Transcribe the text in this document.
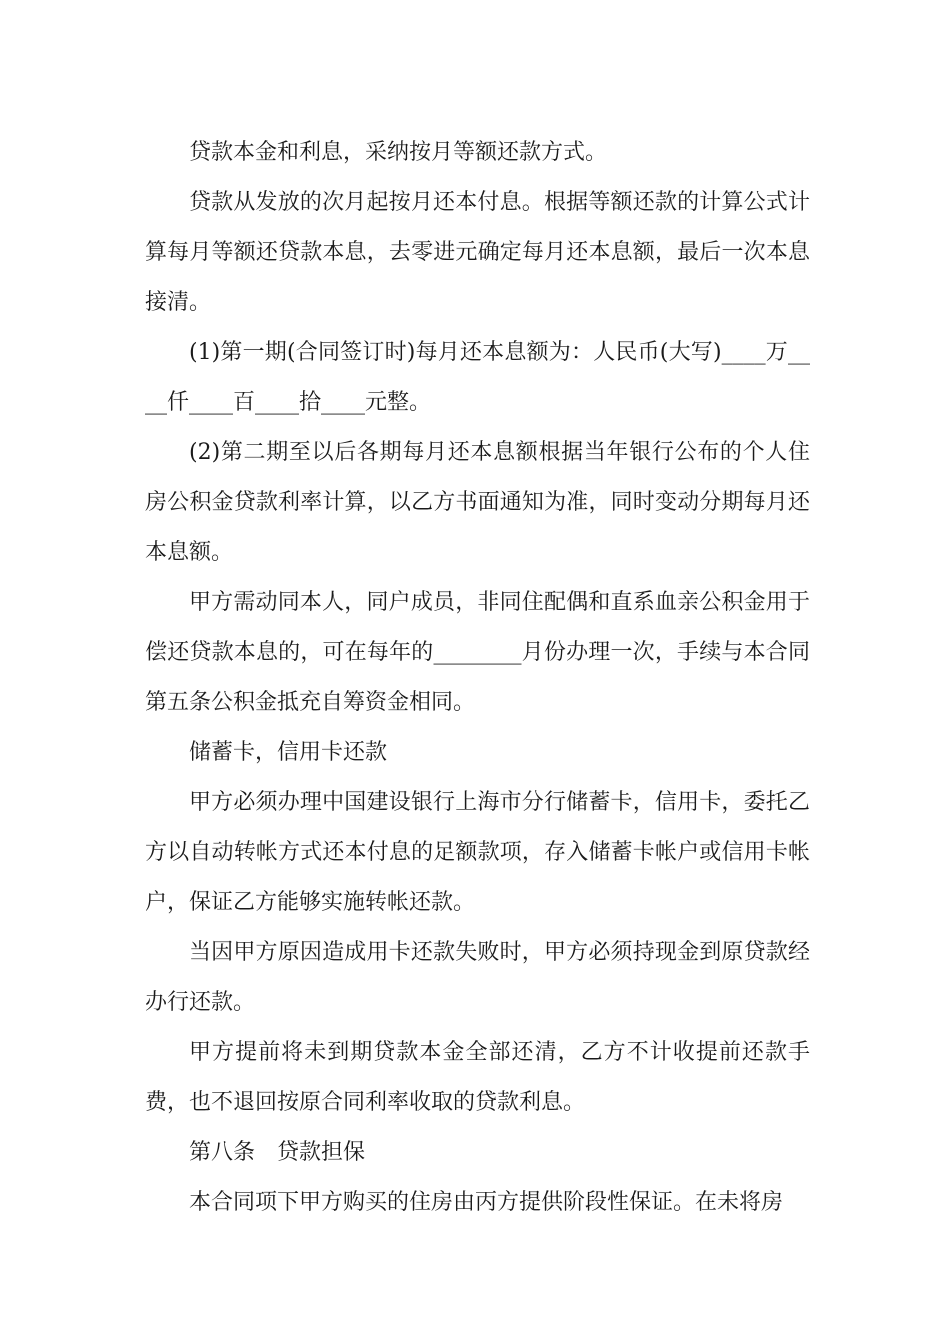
贷款本金和利息，采纳按月等额还款方式。

贷款从发放的次月起按月还本付息。根据等额还款的计算公式计算每月等额还贷款本息，去零进元确定每月还本息额，最后一次本息接清。

(1)第一期(合同签订时)每月还本息额为：人民币(大写)____万____仟____百____拾____元整。

(2)第二期至以后各期每月还本息额根据当年银行公布的个人住房公积金贷款利率计算，以乙方书面通知为准，同时变动分期每月还本息额。

甲方需动同本人，同户成员，非同住配偶和直系血亲公积金用于偿还贷款本息的，可在每年的________月份办理一次，手续与本合同第五条公积金抵充自筹资金相同。

储蓄卡，信用卡还款

甲方必须办理中国建设银行上海市分行储蓄卡，信用卡，委托乙方以自动转帐方式还本付息的足额款项，存入储蓄卡帐户或信用卡帐户，保证乙方能够实施转帐还款。

当因甲方原因造成用卡还款失败时，甲方必须持现金到原贷款经办行还款。

甲方提前将未到期贷款本金全部还清，乙方不计收提前还款手费，也不退回按原合同利率收取的贷款利息。

第八条　贷款担保

本合同项下甲方购买的住房由丙方提供阶段性保证。在未将房
